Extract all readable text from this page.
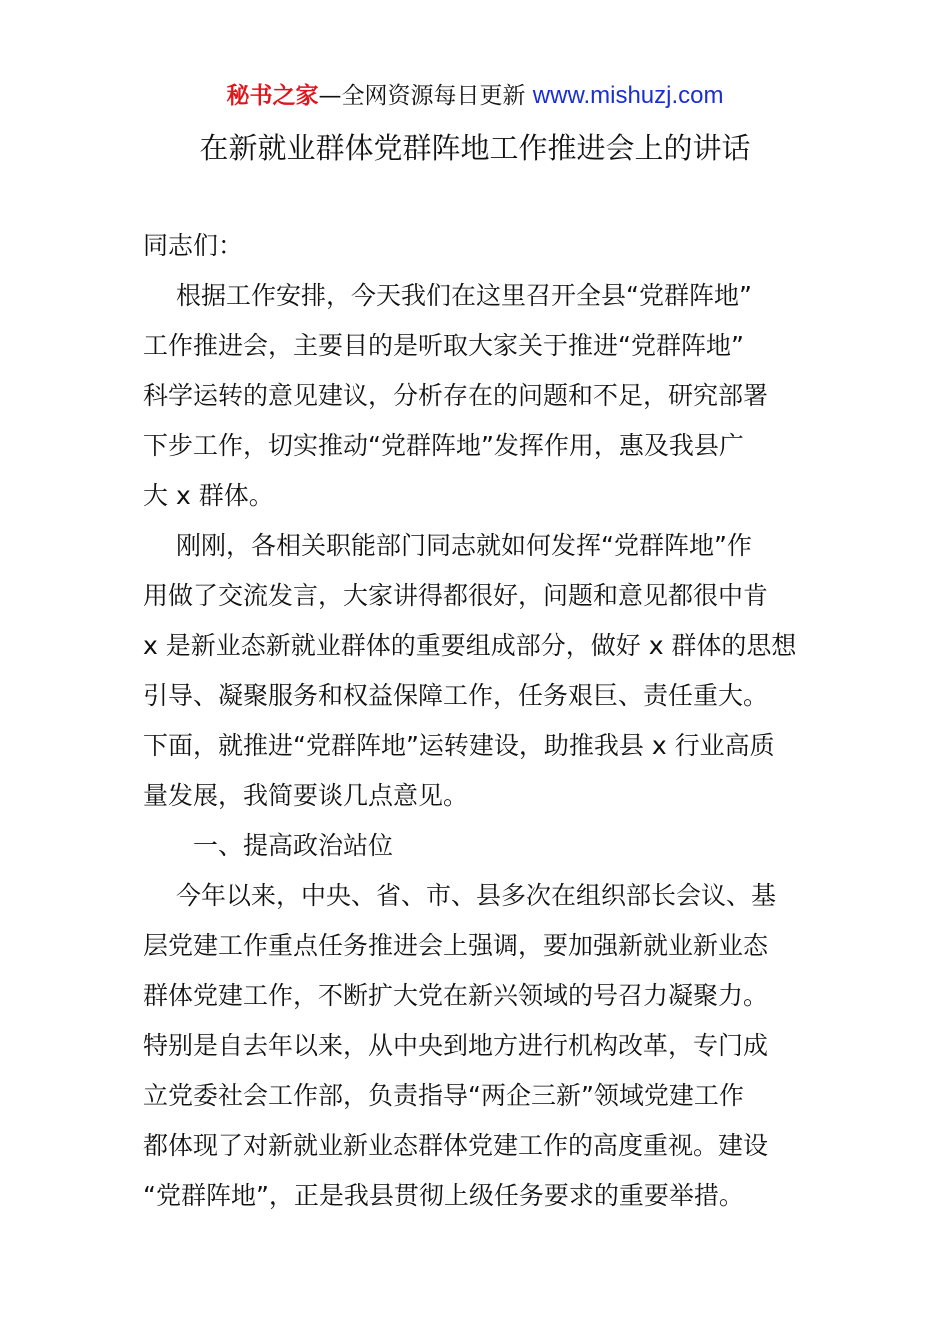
秘书之家—全网资源每日更新 www.mishuzj.com
在新就业群体党群阵地工作推进会上的讲话
同志们：
根据工作安排，今天我们在这里召开全县“党群阵地”
工作推进会，主要目的是听取大家关于推进“党群阵地”
科学运转的意见建议，分析存在的问题和不足，研究部署
下步工作，切实推动“党群阵地”发挥作用，惠及我县广
大 x 群体。
刚刚，各相关职能部门同志就如何发挥“党群阵地”作
用做了交流发言，大家讲得都很好，问题和意见都很中肯
x 是新业态新就业群体的重要组成部分，做好 x 群体的思想
引导、凝聚服务和权益保障工作，任务艰巨、责任重大。
下面，就推进“党群阵地”运转建设，助推我县 x 行业高质
量发展，我简要谈几点意见。
一、提高政治站位
今年以来，中央、省、市、县多次在组织部长会议、基
层党建工作重点任务推进会上强调，要加强新就业新业态
群体党建工作，不断扩大党在新兴领域的号召力凝聚力。
特别是自去年以来，从中央到地方进行机构改革，专门成
立党委社会工作部，负责指导“两企三新”领域党建工作
都体现了对新就业新业态群体党建工作的高度重视。建设
“党群阵地”，正是我县贯彻上级任务要求的重要举措。
